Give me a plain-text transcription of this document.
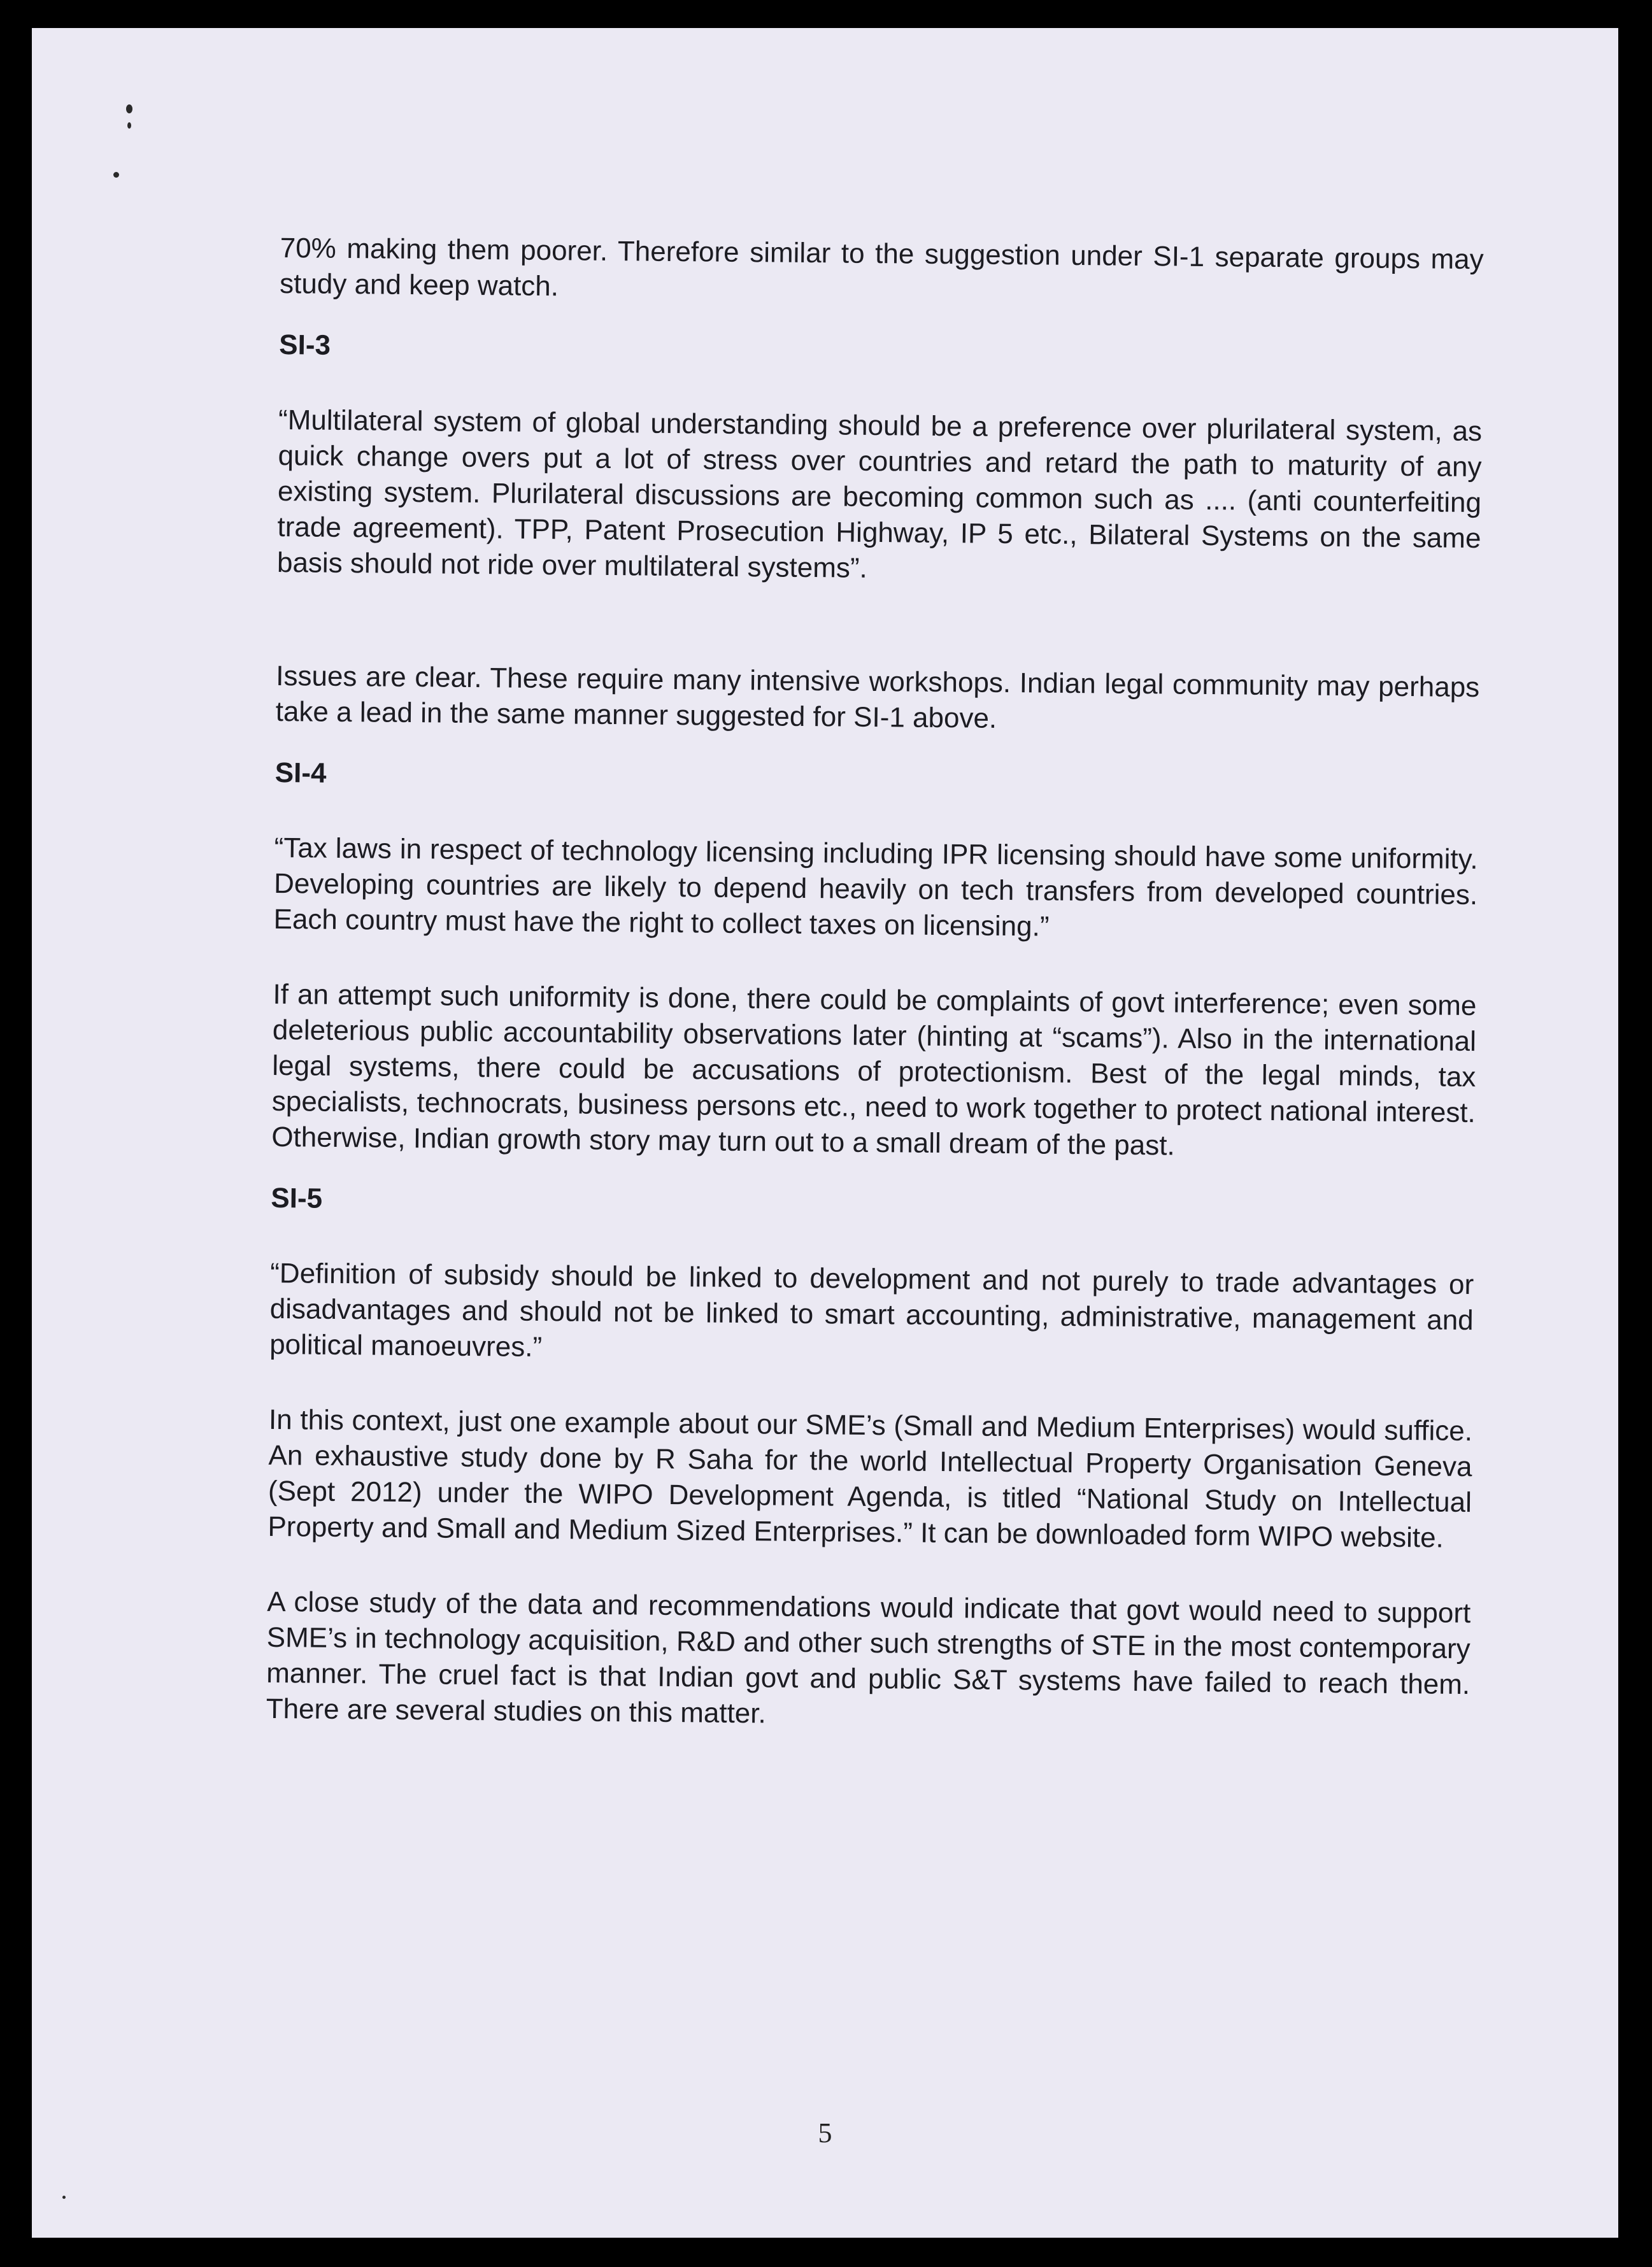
70% making them poorer. Therefore similar to the suggestion under SI-1 separate groups may study and keep watch.

SI-3

“Multilateral system of global understanding should be a preference over plurilateral system, as quick change overs put a lot of stress over countries and retard the path to maturity of any existing system. Plurilateral discussions are becoming common such as .... (anti counterfeiting trade agreement). TPP, Patent Prosecution Highway, IP 5 etc., Bilateral Systems on the same basis should not ride over multilateral systems”.

Issues are clear. These require many intensive workshops. Indian legal community may perhaps take a lead in the same manner suggested for SI-1 above.

SI-4

“Tax laws in respect of technology licensing including IPR licensing should have some uniformity. Developing countries are likely to depend heavily on tech transfers from developed countries. Each country must have the right to collect taxes on licensing.”

If an attempt such uniformity is done, there could be complaints of govt interference; even some deleterious public accountability observations later (hinting at “scams”). Also in the international legal systems, there could be accusations of protectionism. Best of the legal minds, tax specialists, technocrats, business persons etc., need to work together to protect national interest. Otherwise, Indian growth story may turn out to a small dream of the past.

SI-5

“Definition of subsidy should be linked to development and not purely to trade advantages or disadvantages and should not be linked to smart accounting, administrative, management and political manoeuvres.”

In this context, just one example about our SME’s (Small and Medium Enterprises) would suffice. An exhaustive study done by R Saha for the world Intellectual Property Organisation Geneva (Sept 2012) under the WIPO Development Agenda, is titled “National Study on Intellectual Property and Small and Medium Sized Enterprises.” It can be downloaded form WIPO website.

A close study of the data and recommendations would indicate that govt would need to support SME’s in technology acquisition, R&D and other such strengths of STE in the most contemporary manner. The cruel fact is that Indian govt and public S&T systems have failed to reach them. There are several studies on this matter.

5
